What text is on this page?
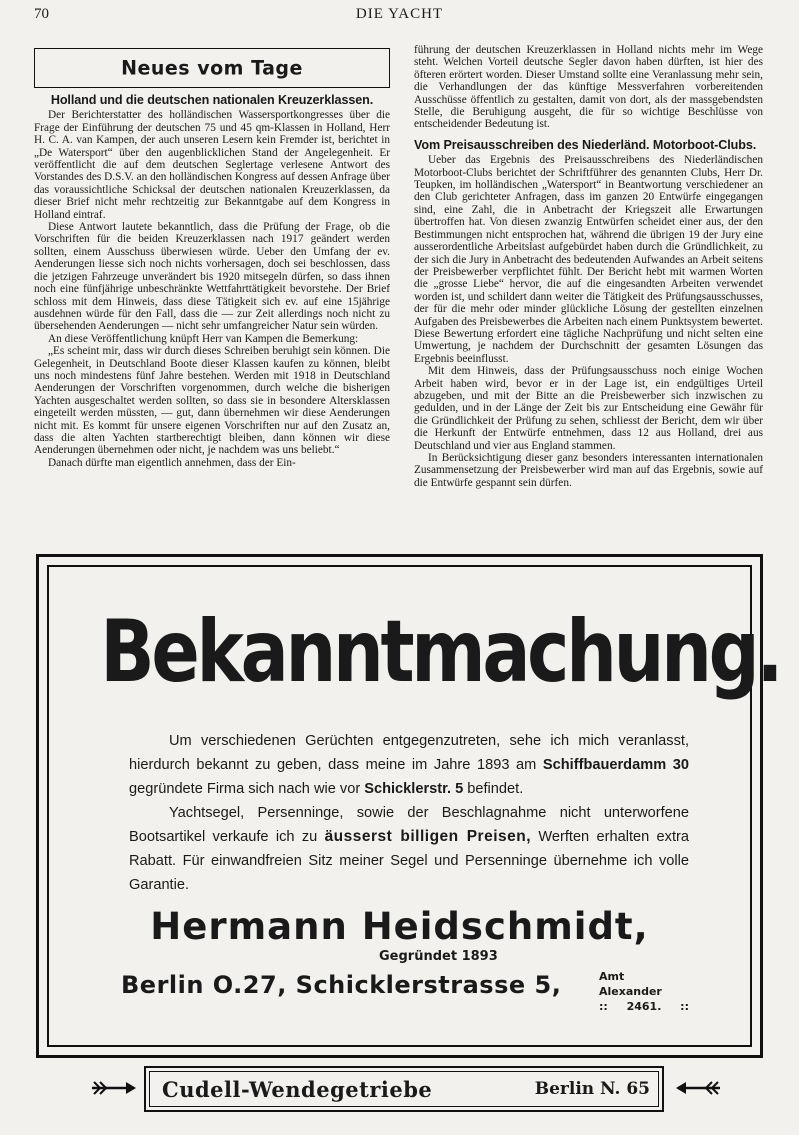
70	DIE YACHT
Neues vom Tage
Holland und die deutschen nationalen Kreuzerklassen.

Der Berichterstatter des holländischen Wassersportkongresses über die Frage der Einführung der deutschen 75 und 45 qm-Klassen in Holland, Herr H. C. A. van Kampen, der auch unseren Lesern kein Fremder ist, berichtet in „De Watersport“ über den augenblicklichen Stand der Angelegenheit. Er veröffentlicht die auf dem deutschen Seglertage verlesene Antwort des Vorstandes des D.S.V. an den holländischen Kongress auf dessen Anfrage über das voraussichtliche Schicksal der deutschen nationalen Kreuzerklassen, da dieser Brief nicht mehr rechtzeitig zur Bekanntgabe auf dem Kongress in Holland eintraf.

Diese Antwort lautete bekanntlich, dass die Prüfung der Frage, ob die Vorschriften für die beiden Kreuzerklassen nach 1917 geändert werden sollten, einem Ausschuss überwiesen würde. Ueber den Umfang der ev. Aenderungen liesse sich noch nichts vorhersagen, doch sei beschlossen, dass die jetzigen Fahrzeuge unverändert bis 1920 mitsegeln dürfen, so dass ihnen noch eine fünfjährige unbeschränkte Wettfahrttätigkeit bevorstehe. Der Brief schloss mit dem Hinweis, dass diese Tätigkeit sich ev. auf eine 15jährige ausdehnen würde für den Fall, dass die — zur Zeit allerdings noch nicht zu übersehenden Aenderungen — nicht sehr umfangreicher Natur sein würden.

An diese Veröffentlichung knüpft Herr van Kampen die Bemerkung:

„Es scheint mir, dass wir durch dieses Schreiben beruhigt sein können. Die Gelegenheit, in Deutschland Boote dieser Klassen kaufen zu können, bleibt uns noch mindestens fünf Jahre bestehen. Werden mit 1918 in Deutschland Aenderungen der Vorschriften vorgenommen, durch welche die bisherigen Yachten ausgeschaltet werden sollten, so dass sie in besondere Altersklassen eingeteilt werden müssten, — gut, dann übernehmen wir diese Aenderungen nicht mit. Es kommt für unsere eigenen Vorschriften nur auf den Zusatz an, dass die alten Yachten startberechtigt bleiben, dann können wir diese Aenderungen übernehmen oder nicht, je nachdem was uns beliebt.“

Danach dürfte man eigentlich annehmen, dass der Ein-

führung der deutschen Kreuzerklassen in Holland nichts mehr im Wege steht. Welchen Vorteil deutsche Segler davon haben dürften, ist hier des öfteren erörtert worden. Dieser Umstand sollte eine Veranlassung mehr sein, die Verhandlungen der das künftige Messverfahren vorbereitenden Ausschüsse öffentlich zu gestalten, damit von dort, als der massgebendsten Stelle, die Beruhigung ausgeht, die für so wichtige Beschlüsse von entscheidender Bedeutung ist.

Vom Preisausschreiben des Niederländ. Motorboot-Clubs.

Ueber das Ergebnis des Preisausschreibens des Niederländischen Motorboot-Clubs berichtet der Schriftführer des genannten Clubs, Herr Dr. Teupken, im holländischen „Watersport“ in Beantwortung verschiedener an den Club gerichteter Anfragen, dass im ganzen 20 Entwürfe eingegangen sind, eine Zahl, die in Anbetracht der Kriegszeit alle Erwartungen übertroffen hat. Von diesen zwanzig Entwürfen scheidet einer aus, der den Bestimmungen nicht entsprochen hat, während die übrigen 19 der Jury eine ausserordentliche Arbeitslast aufgebürdet haben durch die Gründlichkeit, zu der sich die Jury in Anbetracht des bedeutenden Aufwandes an Arbeit seitens der Preisbewerber verpflichtet fühlt. Der Bericht hebt mit warmen Worten die „grosse Liebe“ hervor, die auf die eingesandten Arbeiten verwendet worden ist, und schildert dann weiter die Tätigkeit des Prüfungsausschusses, der für die mehr oder minder glückliche Lösung der gestellten einzelnen Aufgaben des Preisbewerbes die Arbeiten nach einem Punktsystem bewertet. Diese Bewertung erfordert eine tägliche Nachprüfung und nicht selten eine Umwertung, je nachdem der Durchschnitt der gesamten Lösungen das Ergebnis beeinflusst.

Mit dem Hinweis, dass der Prüfungsausschuss noch einige Wochen Arbeit haben wird, bevor er in der Lage ist, ein endgültiges Urteil abzugeben, und mit der Bitte an die Preisbewerber sich inzwischen zu gedulden, und in der Länge der Zeit bis zur Entscheidung eine Gewähr für die Gründlichkeit der Prüfung zu sehen, schliesst der Bericht, dem wir über die Herkunft der Entwürfe entnehmen, dass 12 aus Holland, drei aus Deutschland und vier aus England stammen.

In Berücksichtigung dieser ganz besonders interessanten internationalen Zusammensetzung der Preisbewerber wird man auf das Ergebnis, sowie auf die Entwürfe gespannt sein dürfen.

Bekanntmachung.

Um verschiedenen Gerüchten entgegenzutreten, sehe ich mich veranlasst, hierdurch bekannt zu geben, dass meine im Jahre 1893 am Schiffbauerdamm 30 gegründete Firma sich nach wie vor Schicklerstr. 5 befindet.

Yachtsegel, Persenninge, sowie der Beschlagnahme nicht unterworfene Bootsartikel verkaufe ich zu äusserst billigen Preisen, Werften erhalten extra Rabatt. Für einwandfreien Sitz meiner Segel und Persenninge übernehme ich volle Garantie.

Hermann Heidschmidt,
Gegründet 1893
Berlin O.27, Schicklerstrasse 5,	Amt Alexander
:: 2461. ::
Cudell-Wendegetriebe	Berlin N. 65
